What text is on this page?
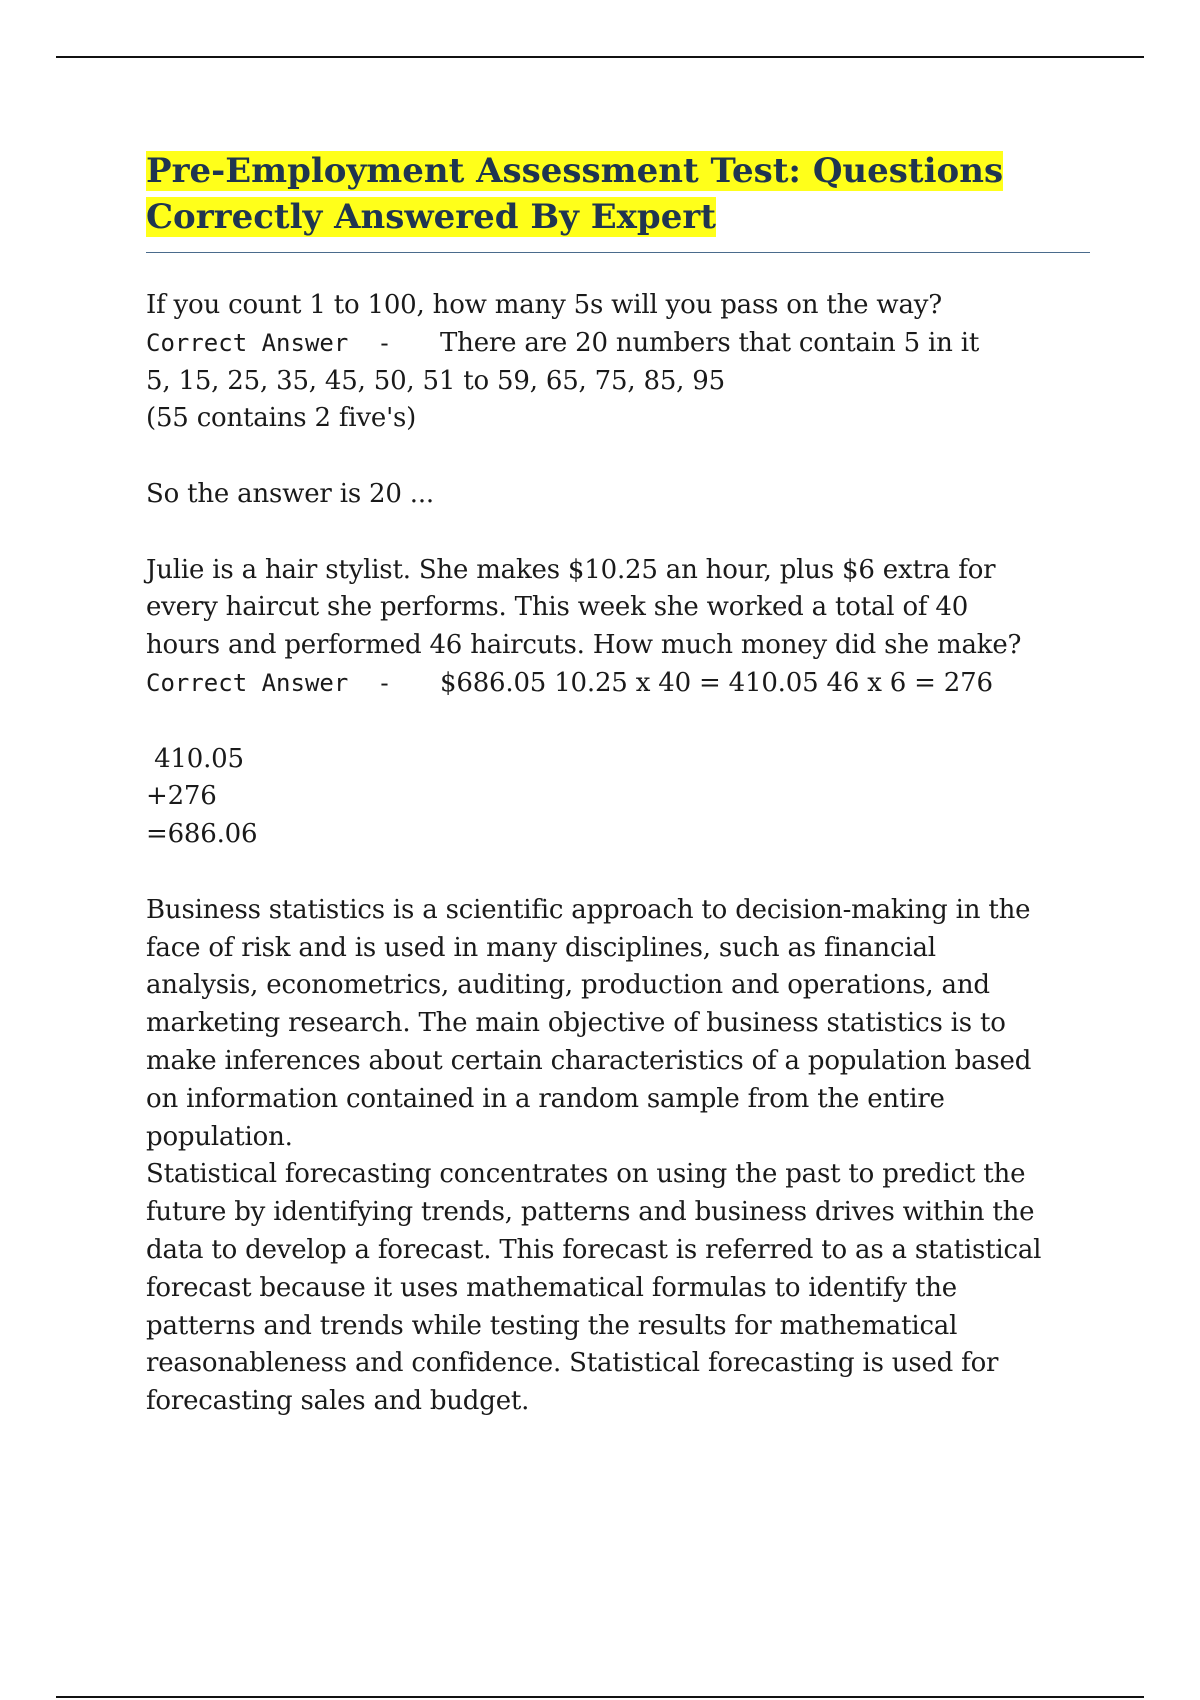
Pre-Employment Assessment Test: Questions
Correctly Answered By Expert
If you count 1 to 100, how many 5s will you pass on the way?
Correct Answer  - There are 20 numbers that contain 5 in it
5, 15, 25, 35, 45, 50, 51 to 59, 65, 75, 85, 95
(55 contains 2 five's)
So the answer is 20 ...
Julie is a hair stylist. She makes $10.25 an hour, plus $6 extra for
every haircut she performs. This week she worked a total of 40
hours and performed 46 haircuts. How much money did she make?
Correct Answer  - $686.05 10.25 x 40 = 410.05 46 x 6 = 276
410.05
+276
=686.06
Business statistics is a scientific approach to decision-making in the
face of risk and is used in many disciplines, such as financial
analysis, econometrics, auditing, production and operations, and
marketing research. The main objective of business statistics is to
make inferences about certain characteristics of a population based
on information contained in a random sample from the entire
population.
Statistical forecasting concentrates on using the past to predict the
future by identifying trends, patterns and business drives within the
data to develop a forecast. This forecast is referred to as a statistical
forecast because it uses mathematical formulas to identify the
patterns and trends while testing the results for mathematical
reasonableness and confidence. Statistical forecasting is used for
forecasting sales and budget.
